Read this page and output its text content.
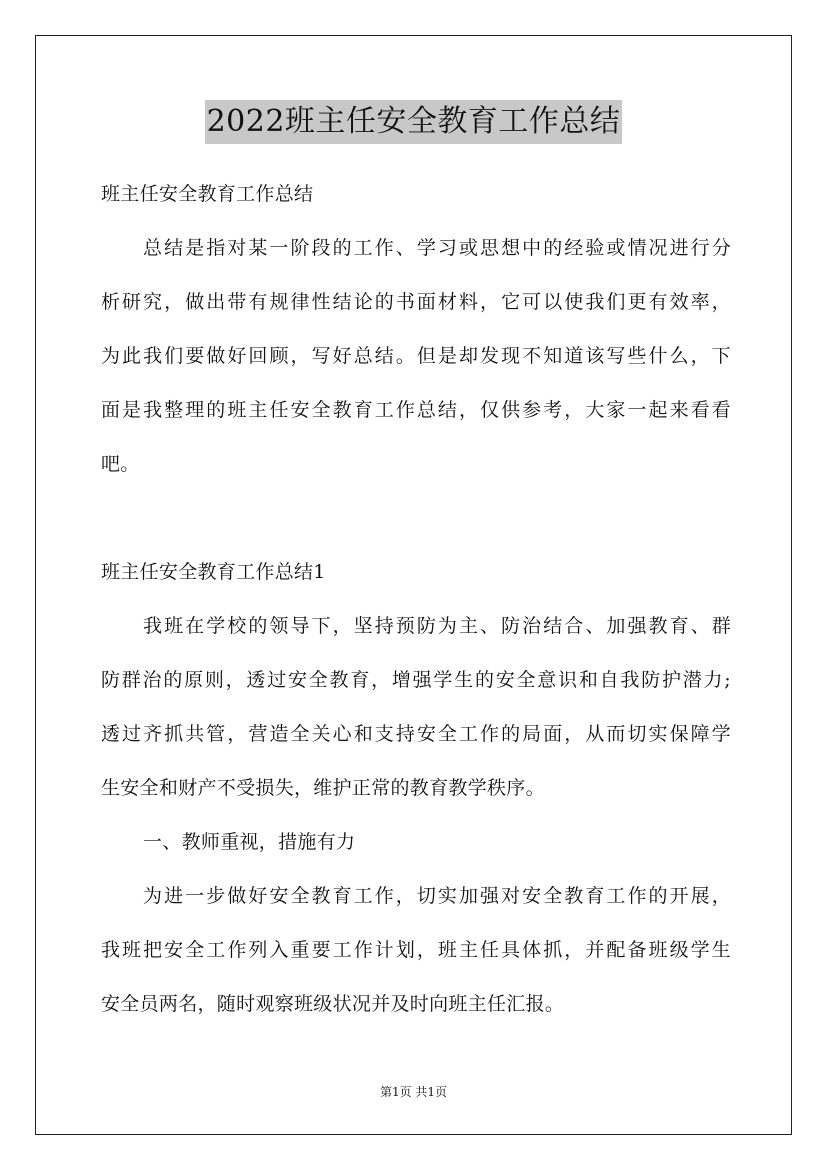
2022班主任安全教育工作总结
班主任安全教育工作总结
总结是指对某一阶段的工作、学习或思想中的经验或情况进行分
析研究，做出带有规律性结论的书面材料，它可以使我们更有效率，
为此我们要做好回顾，写好总结。但是却发现不知道该写些什么，下
面是我整理的班主任安全教育工作总结，仅供参考，大家一起来看看
吧。
班主任安全教育工作总结1
我班在学校的领导下，坚持预防为主、防治结合、加强教育、群
防群治的原则，透过安全教育，增强学生的安全意识和自我防护潜力;
透过齐抓共管，营造全关心和支持安全工作的局面，从而切实保障学
生安全和财产不受损失，维护正常的教育教学秩序。
一、教师重视，措施有力
为进一步做好安全教育工作，切实加强对安全教育工作的开展，
我班把安全工作列入重要工作计划，班主任具体抓，并配备班级学生
安全员两名，随时观察班级状况并及时向班主任汇报。
第1页 共1页
